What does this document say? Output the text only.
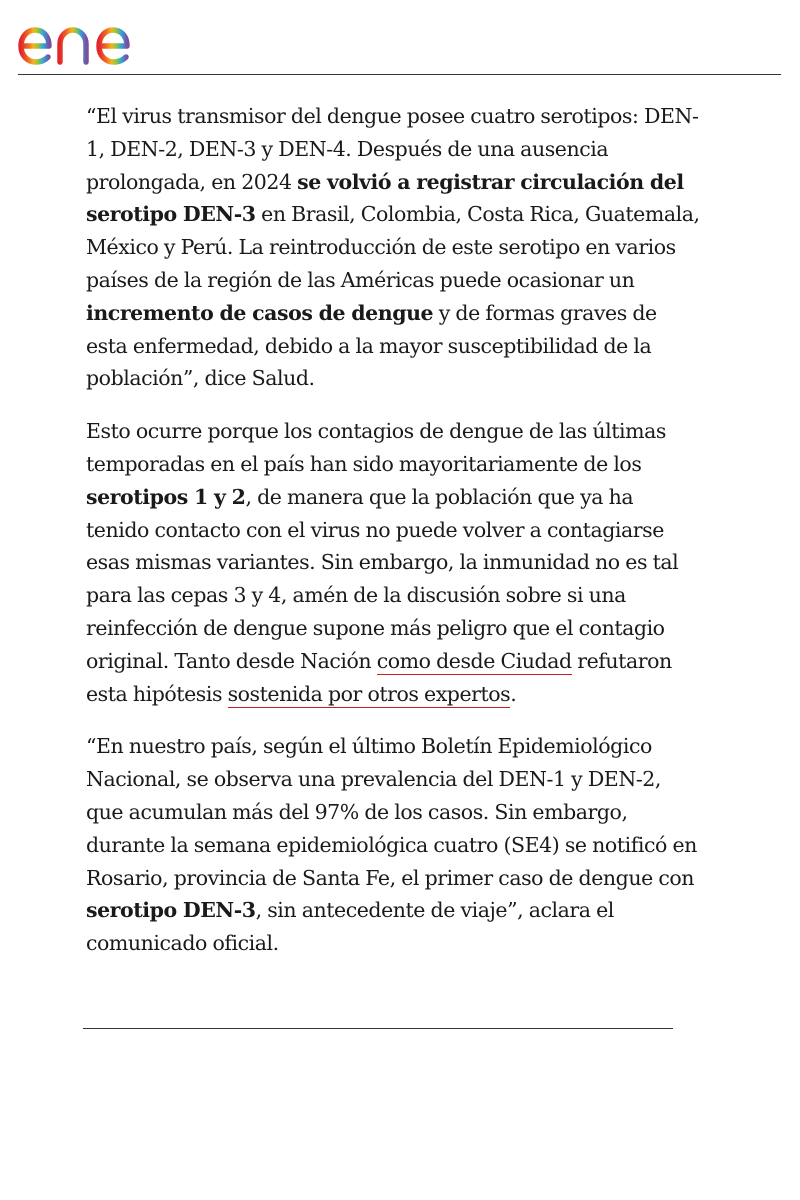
“El virus transmisor del dengue posee cuatro serotipos: DEN-1, DEN-2, DEN-3 y DEN-4. Después de una ausencia prolongada, en 2024 se volvió a registrar circulación del serotipo DEN-3 en Brasil, Colombia, Costa Rica, Guatemala, México y Perú. La reintroducción de este serotipo en varios países de la región de las Américas puede ocasionar un incremento de casos de dengue y de formas graves de esta enfermedad, debido a la mayor susceptibilidad de la población”, dice Salud.

Esto ocurre porque los contagios de dengue de las últimas temporadas en el país han sido mayoritariamente de los serotipos 1 y 2, de manera que la población que ya ha tenido contacto con el virus no puede volver a contagiarse esas mismas variantes. Sin embargo, la inmunidad no es tal para las cepas 3 y 4, amén de la discusión sobre si una reinfección de dengue supone más peligro que el contagio original. Tanto desde Nación como desde Ciudad refutaron esta hipótesis sostenida por otros expertos.

“En nuestro país, según el último Boletín Epidemiológico Nacional, se observa una prevalencia del DEN-1 y DEN-2, que acumulan más del 97% de los casos. Sin embargo, durante la semana epidemiológica cuatro (SE4) se notificó en Rosario, provincia de Santa Fe, el primer caso de dengue con serotipo DEN-3, sin antecedente de viaje”, aclara el comunicado oficial.
